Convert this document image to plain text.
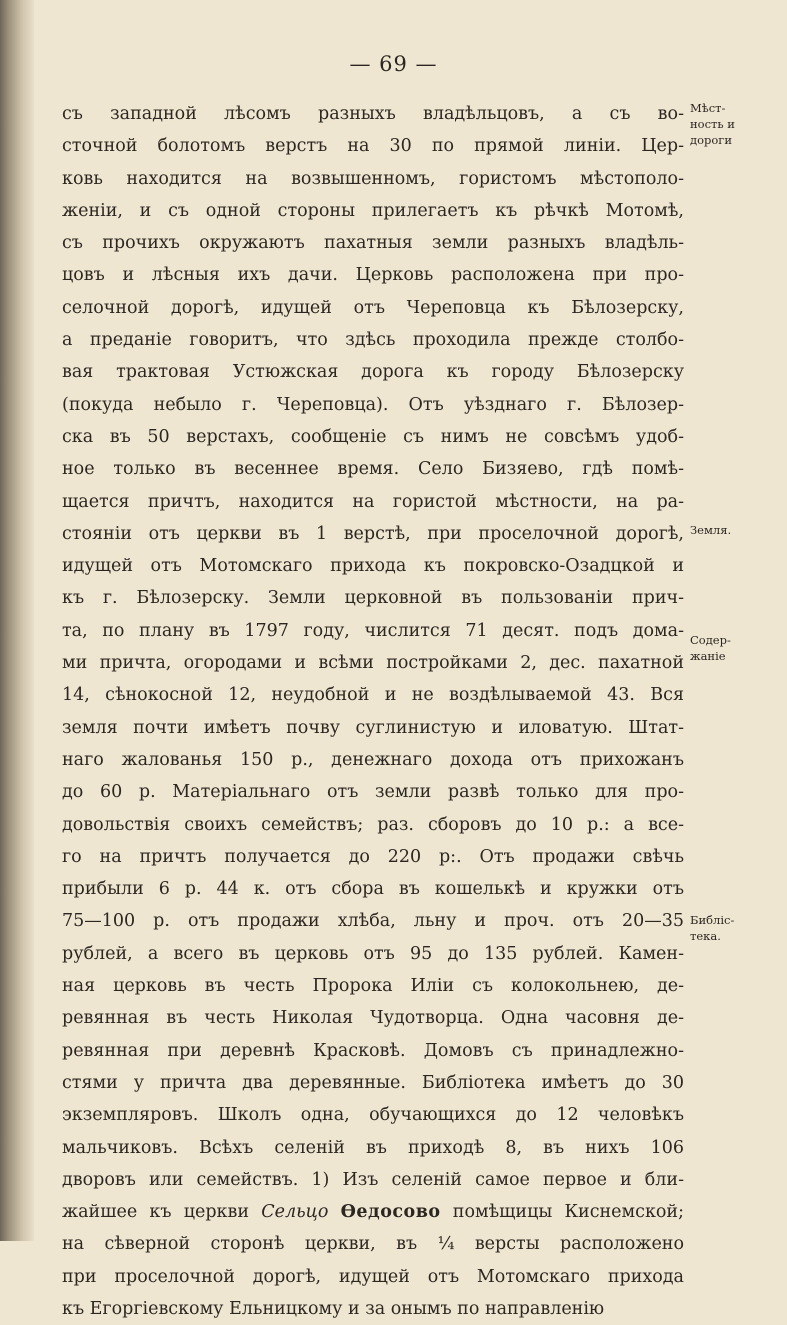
— 69 —
съ западной лѣсомъ разныхъ владѣльцовъ, а съ во-
сточной болотомъ верстъ на 30 по прямой линіи. Цер-
ковь находится на возвышенномъ, гористомъ мѣстополо-
женіи, и съ одной стороны прилегаетъ къ рѣчкѣ Мотомѣ,
съ прочихъ окружаютъ пахатныя земли разныхъ владѣль-
цовъ и лѣсныя ихъ дачи. Церковь расположена при про-
селочной дорогѣ, идущей отъ Череповца къ Бѣлозерску,
а преданіе говоритъ, что здѣсь проходила прежде столбо-
вая трактовая Устюжская дорога къ городу Бѣлозерску
(покуда небыло г. Череповца). Отъ уѣзднаго г. Бѣлозер-
ска въ 50 верстахъ, сообщеніе съ нимъ не совсѣмъ удоб-
ное только въ весеннее время. Село Бизяево, гдѣ помѣ-
щается причтъ, находится на гористой мѣстности, на ра-
стояніи отъ церкви въ 1 верстѣ, при проселочной дорогѣ,
идущей отъ Мотомскаго прихода къ покровско-Озадцкой и
къ г. Бѣлозерску. Земли церковной въ пользованіи прич-
та, по плану въ 1797 году, числится 71 десят. подъ дома-
ми причта, огородами и всѣми постройками 2, дес. пахатной
14, сѣнокосной 12, неудобной и не воздѣлываемой 43. Вся
земля почти имѣетъ почву суглинистую и иловатую. Штат-
наго жалованья 150 р., денежнаго дохода отъ прихожанъ
до 60 р. Матеріальнаго отъ земли развѣ только для про-
довольствія своихъ семействъ; раз. сборовъ до 10 р.: а все-
го на причтъ получается до 220 р:. Отъ продажи свѣчь
прибыли 6 р. 44 к. отъ сбора въ кошелькѣ и кружки отъ
75—100 р. отъ продажи хлѣба, льну и проч. отъ 20—35
рублей, а всего въ церковь отъ 95 до 135 рублей. Камен-
ная церковь въ честь Пророка Иліи съ колокольнею, де-
ревянная въ честь Николая Чудотворца. Одна часовня де-
ревянная при деревнѣ Красковѣ. Домовъ съ принадлежно-
стями у причта два деревянные. Библіотека имѣетъ до 30
экземпляровъ. Школъ одна, обучающихся до 12 человѣкъ
мальчиковъ. Всѣхъ селеній въ приходѣ 8, въ нихъ 106
дворовъ или семействъ. 1) Изъ селеній самое первое и бли-
жайшее къ церкви Сельцо Ѳедосово помѣщицы Киснемской;
на сѣверной сторонѣ церкви, въ ¼ версты расположено
при проселочной дорогѣ, идущей отъ Мотомскаго прихода
къ Егоргіевскому Ельницкому и за онымъ по направленію
Мѣст-
ность и
дороги
Земля.
Содер-
жаніе
Библіс-
тека.
